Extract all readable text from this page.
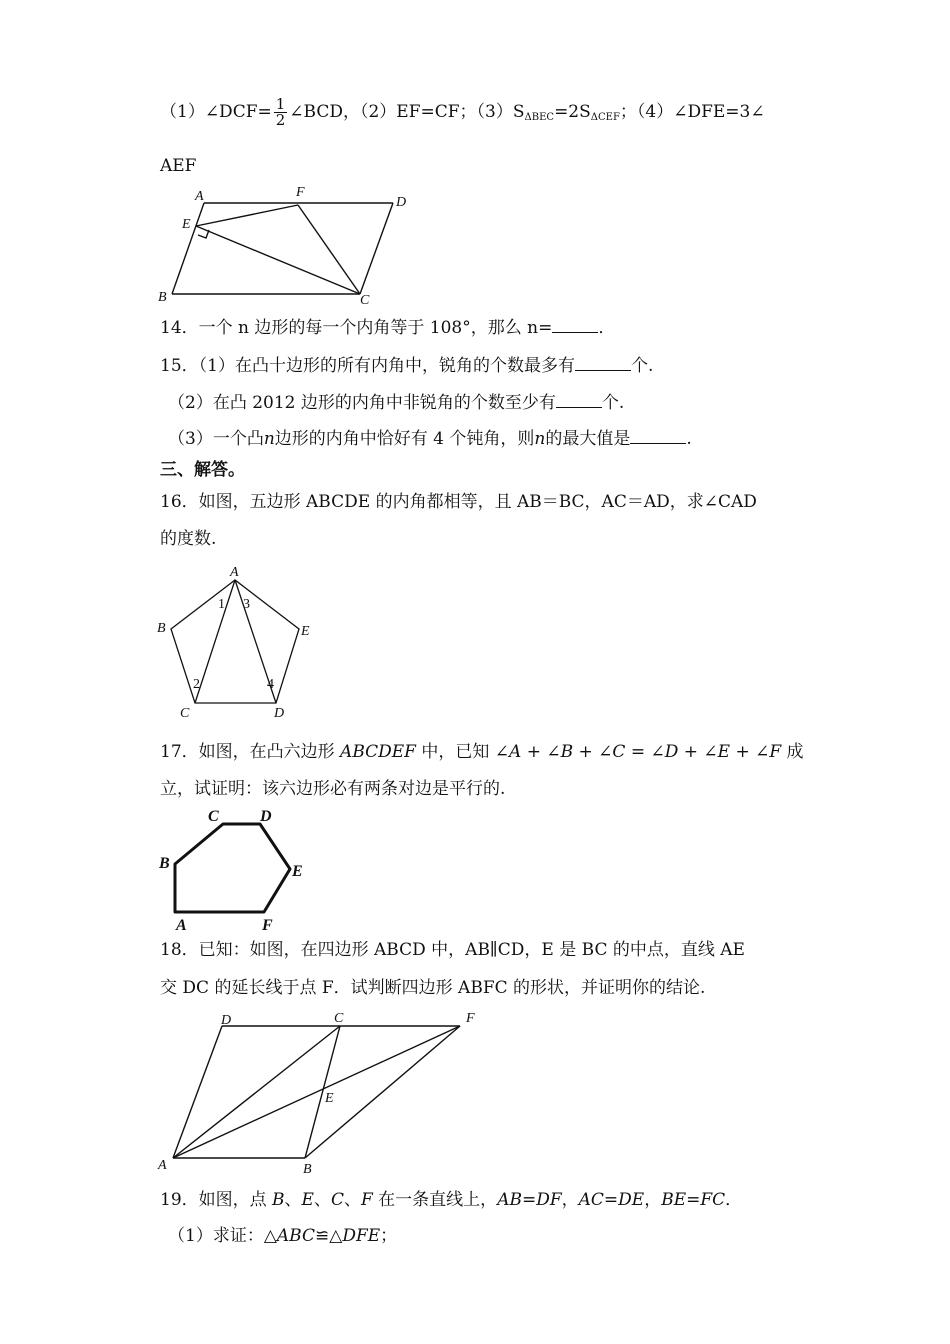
（1）∠DCF= $\frac{1}{2}$ ∠BCD，（2）EF=CF；$(3)S_{\Delta BEC}=2S_{\Delta CEF}$；（4）∠DFE=3∠
AEF
A	F
D
E
B	C
14．一个 n 边形的每一个内角等于 108°，那么 n=	．
15．（1）在凸十边形的所有内角中，锐角的个数最多有	个.
（2）在凸 2012 边形的内角中非锐角的个数至少有	个.
（3）一个凸n边形的内角中恰好有 4 个钝角，则n的最大值是	.
三、解答。
16．如图，五边形 ABCDE 的内角都相等，且 AB＝BC，AC＝AD，求∠CAD
的度数.
A
B
C	D
E
1
2
3
4
17．如图，在凸六边形 ABCDEF 中，已知 ∠A + ∠B + ∠C = ∠D + ∠E + ∠F 成
立，试证明：该六边形必有两条对边是平行的.
A
B
C	D
E
F
18．已知：如图，在四边形 ABCD 中，AB∥CD，E 是 BC 的中点，直线 AE
交 DC 的延长线于点 F．试判断四边形 ABFC 的形状，并证明你的结论.
A	B
C
D
E
F
19．如图，点 B、E、C、F 在一条直线上，AB=DF，AC=DE，BE=FC．
（1）求证：△ABC≌△DFE；
